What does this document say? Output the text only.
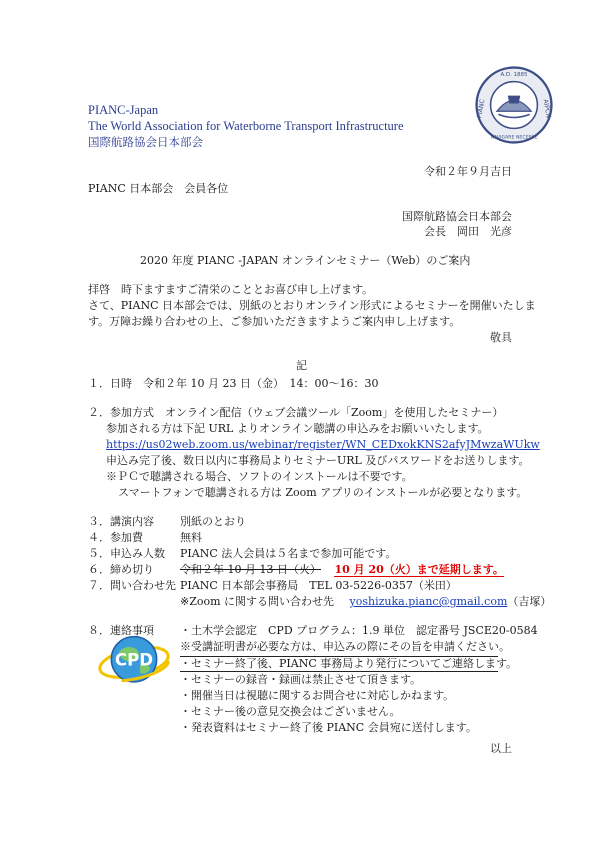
PIANC-Japan
The World Association for Waterborne Transport Infrastructure
国際航路協会日本部会
A.D. 1885
PIANC	AIPCN
NAVIGARE NECESSE
令和２年９月吉日
PIANC 日本部会　会員各位
国際航路協会日本部会
会長　岡田　光彦
2020 年度 PIANC -JAPAN オンラインセミナー（Web）のご案内
拝啓　時下ますますご清栄のこととお喜び申し上げます。
さて、PIANC 日本部会では、別紙のとおりオンライン形式によるセミナーを開催いたしま
す。万障お繰り合わせの上、ご参加いただきますようご案内申し上げます。
敬具
記
１．日時　令和２年 10 月 23 日（金）　14：00～16：30
２．参加方式　オンライン配信（ウェブ会議ツール「Zoom」を使用したセミナー）
参加される方は下記 URL よりオンライン聴講の申込みをお願いいたします。
https://us02web.zoom.us/webinar/register/WN_CEDxokKNS2afyJMwzaWUkw
申込み完了後、数日以内に事務局よりセミナーURL 及びパスワードをお送りします。
※ＰＣで聴講される場合、ソフトのインストールは不要です。
スマートフォンで聴講される方は Zoom アプリのインストールが必要となります。
３．講演内容 別紙のとおり
４．参加費	無料
５．申込み人数 PIANC 法人会員は５名まで参加可能です。
６．締め切り 令和２年 10 月 13 日（火） 10 月 20（火）まで延期します。
７．問い合わせ先 PIANC 日本部会事務局　TEL 03-5226-0357（米田）
※Zoom に関する問い合わせ先 yoshizuka.pianc@gmail.com（吉塚）
８．連絡事項 ・土木学会認定　CPD プログラム：1.9 単位　認定番号 JSCE20-0584
※受講証明書が必要な方は、申込みの際にその旨を申請ください。
・セミナー終了後、PIANC 事務局より発行についてご連絡します。
・セミナーの録音・録画は禁止させて頂きます。
・開催当日は視聴に関するお問合せに対応しかねます。
・セミナー後の意見交換会はございません。
・発表資料はセミナー終了後 PIANC 会員宛に送付します。
CPD
以上
